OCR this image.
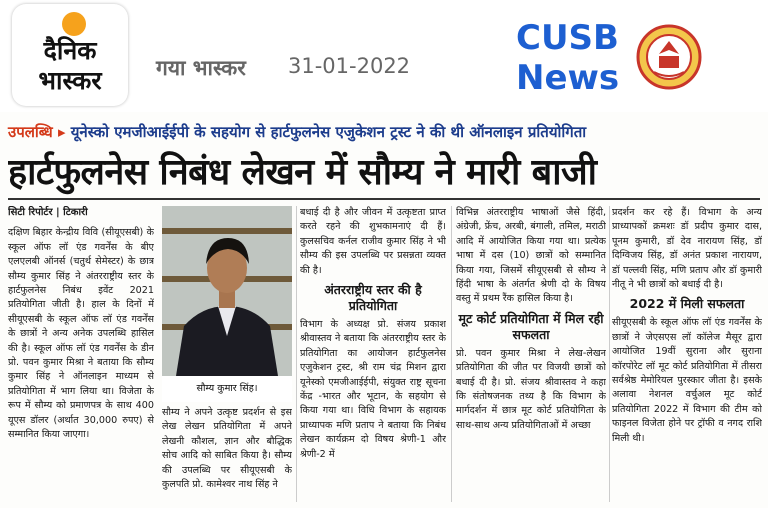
दैनिक
भास्कर	गया भास्कर 31-01-2022
CUSB
News
उपलब्धि ▸ यूनेस्को एमजीआईईपी के सहयोग से हार्टफुलनेस एजुकेशन ट्रस्ट ने की थी ऑनलाइन प्रतियोगिता
हार्टफुलनेस निबंध लेखन में सौम्य ने मारी बाजी
सिटी रिपोर्टर | टिकारी

दक्षिण बिहार केन्द्रीय विवि (सीयूएसबी) के स्कूल ऑफ लॉ एंड गवर्नेंस के बीए एलएलबी ऑनर्स (चतुर्थ सेमेस्टर) के छात्र सौम्य कुमार सिंह ने अंतरराष्ट्रीय स्तर के हार्टफुलनेस निबंध इवेंट 2021 प्रतियोगिता जीती है। हाल के दिनों में सीयूएसबी के स्कूल ऑफ लॉ एंड गवर्नेंस के छात्रों ने अन्य अनेक उपलब्धि हासिल की है। स्कूल ऑफ लॉ एंड गवर्नेंस के डीन प्रो. पवन कुमार मिश्रा ने बताया कि सौम्य कुमार सिंह ने ऑनलाइन माध्यम से प्रतियोगिता में भाग लिया था। विजेता के रूप में सौम्य को प्रमाणपत्र के साथ 400 यूएस डॉलर (अर्थात 30,000 रुपए) से सम्मानित किया जाएगा।

सौम्य कुमार सिंह।

सौम्य ने अपने उत्कृष्ट प्रदर्शन से इस लेख लेखन प्रतियोगिता में अपने लेखनी कौशल, ज्ञान और बौद्धिक सोच आदि को साबित किया है। सौम्य की उपलब्धि पर सीयूएसबी के कुलपति प्रो. कामेश्वर नाथ सिंह ने

बधाई दी है और जीवन में उत्कृष्टता प्राप्त करते रहने की शुभकामनाएं दी हैं। कुलसचिव कर्नल राजीव कुमार सिंह ने भी सौम्य की इस उपलब्धि पर प्रसन्नता व्यक्त की है।

अंतरराष्ट्रीय स्तर की है प्रतियोगिता

विभाग के अध्यक्ष प्रो. संजय प्रकाश श्रीवास्तव ने बताया कि अंतरराष्ट्रीय स्तर के प्रतियोगिता का आयोजन हार्टफुलनेस एजुकेशन ट्रस्ट, श्री राम चंद्र मिशन द्वारा यूनेस्को एमजीआईईपी, संयुक्त राष्ट्र सूचना केंद्र -भारत और भूटान, के सहयोग से किया गया था। विधि विभाग के सहायक प्राध्यापक मणि प्रताप ने बताया कि निबंध लेखन कार्यक्रम दो विषय श्रेणी-1 और श्रेणी-2 में

विभिन्न अंतरराष्ट्रीय भाषाओं जैसे हिंदी, अंग्रेजी, फ्रेंच, अरबी, बंगाली, तमिल, मराठी आदि में आयोजित किया गया था। प्रत्येक भाषा में दस (10) छात्रों को सम्मानित किया गया, जिसमें सीयूएसबी से सौम्य ने हिंदी भाषा के अंतर्गत श्रेणी दो के विषय वस्तु में प्रथम रैंक हासिल किया है।

मूट कोर्ट प्रतियोगिता में मिल रही सफलता

प्रो. पवन कुमार मिश्रा ने लेख-लेखन प्रतियोगिता की जीत पर विजयी छात्रों को बधाई दी है। प्रो. संजय श्रीवास्तव ने कहा कि संतोषजनक तथ्य है कि विभाग के मार्गदर्शन में छात्र मूट कोर्ट प्रतियोगिता के साथ-साथ अन्य प्रतियोगिताओं में अच्छा

प्रदर्शन कर रहे हैं। विभाग के अन्य प्राध्यापकों क्रमशः डॉ प्रदीप कुमार दास, पूनम कुमारी, डॉ देव नारायण सिंह, डॉ दिग्विजय सिंह, डॉ अनंत प्रकाश नारायण, डॉ पल्लवी सिंह, मणि प्रताप और डॉ कुमारी नीतू ने भी छात्रों को बधाई दी है।

2022 में मिली सफलता

सीयूएसबी के स्कूल ऑफ लॉ एंड गवर्नेंस के छात्रों ने जेएसएस लॉ कॉलेज मैसूर द्वारा आयोजित 19वीं सुराना और सुराना कॉरपोरेट लॉ मूट कोर्ट प्रतियोगिता में तीसरा सर्वश्रेष्ठ मेमोरियल पुरस्कार जीता है। इसके अलावा नेशनल वर्चुअल मूट कोर्ट प्रतियोगिता 2022 में विभाग की टीम को फाइनल विजेता होने पर ट्रॉफी व नगद राशि मिली थी।
